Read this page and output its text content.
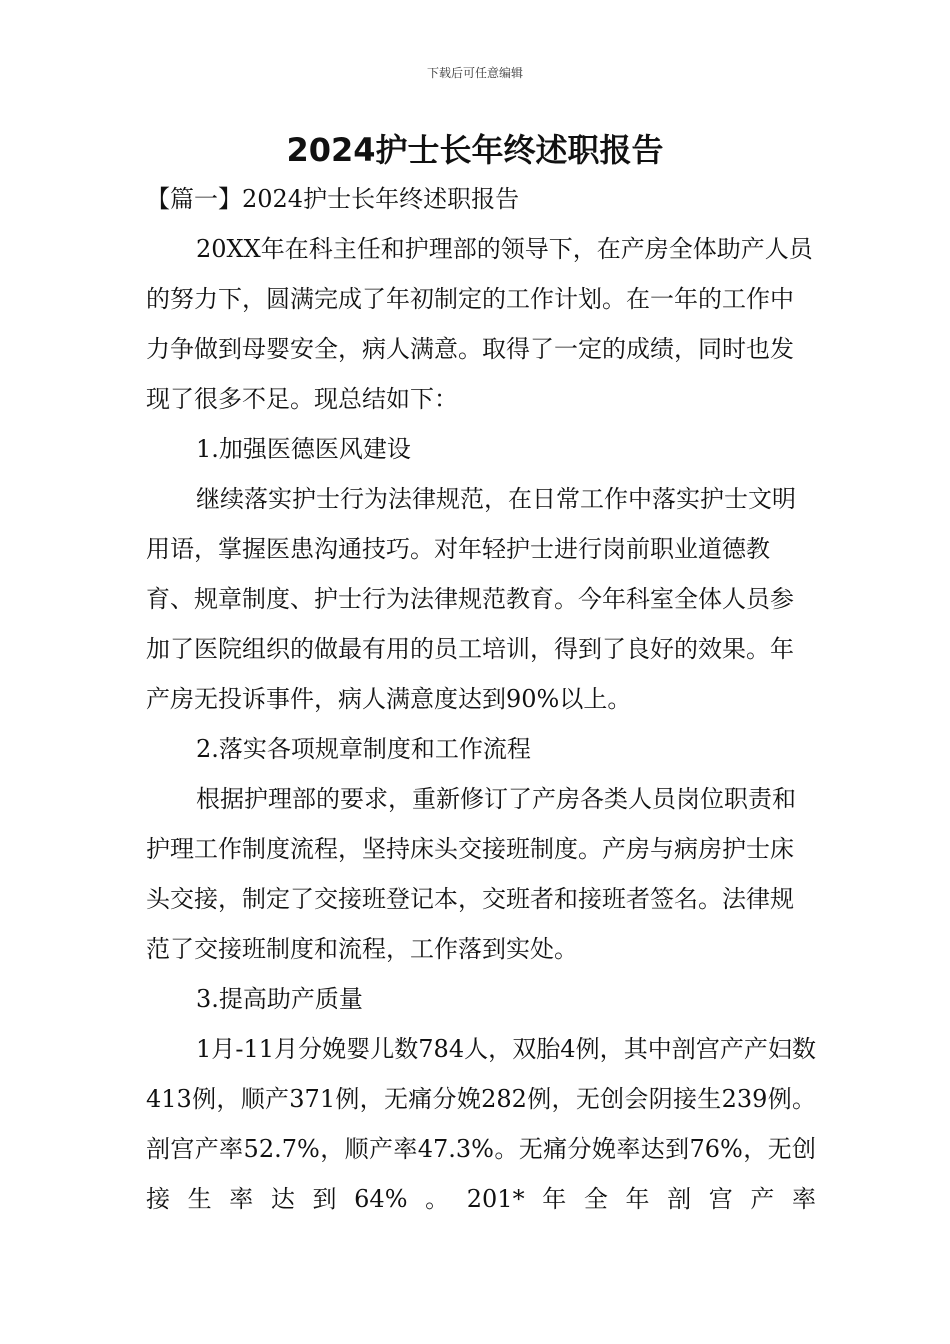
下载后可任意编辑
2024护士长年终述职报告

【篇一】2024护士长年终述职报告

20XX年在科主任和护理部的领导下，在产房全体助产人员的努力下，圆满完成了年初制定的工作计划。在一年的工作中力争做到母婴安全，病人满意。取得了一定的成绩，同时也发现了很多不足。现总结如下：

1.加强医德医风建设

继续落实护士行为法律规范，在日常工作中落实护士文明用语，掌握医患沟通技巧。对年轻护士进行岗前职业道德教育、规章制度、护士行为法律规范教育。今年科室全体人员参加了医院组织的做最有用的员工培训，得到了良好的效果。年产房无投诉事件，病人满意度达到90%以上。

2.落实各项规章制度和工作流程

根据护理部的要求，重新修订了产房各类人员岗位职责和护理工作制度流程，坚持床头交接班制度。产房与病房护士床头交接，制定了交接班登记本，交班者和接班者签名。法律规范了交接班制度和流程，工作落到实处。

3.提高助产质量

1月-11月分娩婴儿数784人，双胎4例，其中剖宫产产妇数413例，顺产371例，无痛分娩282例，无创会阴接生239例。剖宫产率52.7%，顺产率47.3%。无痛分娩率达到76%，无创接生率达到64%。201*年全年剖宫产率
